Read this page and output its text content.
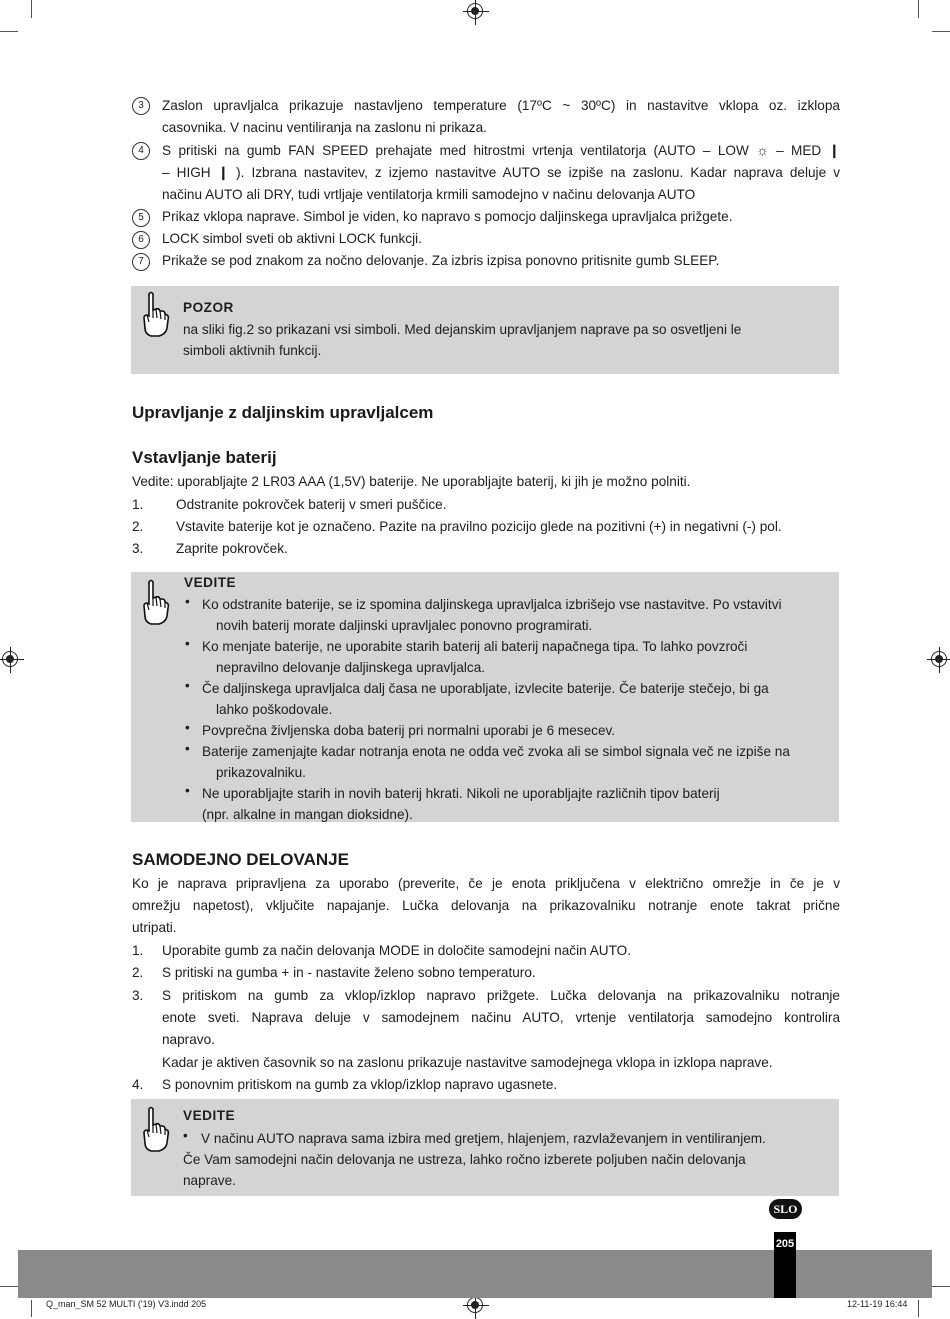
3	Zaslon upravljalca prikazuje nastavljeno temperature (17ºC ~ 30ºC) in nastavitve vklopa oz. izklopa
casovnika. V nacinu ventiliranja na zaslonu ni prikaza.
4	S pritiski na gumb FAN SPEED prehajate med hitrostmi vrtenja ventilatorja (AUTO – LOW ☼ – MED ❙
– HIGH ❙ ). Izbrana nastavitev, z izjemo nastavitve AUTO se izpiše na zaslonu. Kadar naprava deluje v
načinu AUTO ali DRY, tudi vrtljaje ventilatorja krmili samodejno v načinu delovanja AUTO
5	Prikaz vklopa naprave. Simbol je viden, ko napravo s pomocjo daljinskega upravljalca prižgete.
6	LOCK simbol sveti ob aktivni LOCK funkcji.
7	Prikaže se pod znakom za nočno delovanje. Za izbris izpisa ponovno pritisnite gumb SLEEP.
POZOR
na sliki fig.2 so prikazani vsi simboli. Med dejanskim upravljanjem naprave pa so osvetljeni le
simboli aktivnih funkcij.
Upravljanje z daljinskim upravljalcem
Vstavljanje baterij
Vedite: uporabljajte 2 LR03 AAA (1,5V) baterije. Ne uporabljajte baterij, ki jih je možno polniti.
1.	Odstranite pokrovček baterij v smeri puščice.
2.	Vstavite baterije kot je označeno. Pazite na pravilno pozicijo glede na pozitivni (+) in negativni (-) pol.
3.	Zaprite pokrovček.
VEDITE
• Ko odstranite baterije, se iz spomina daljinskega upravljalca izbrišejo vse nastavitve. Po vstavitvi
novih baterij morate daljinski upravljalec ponovno programirati.
• Ko menjate baterije, ne uporabite starih baterij ali baterij napačnega tipa. To lahko povzroči
nepravilno delovanje daljinskega upravljalca.
• Če daljinskega upravljalca dalj časa ne uporabljate, izvlecite baterije. Če baterije stečejo, bi ga
lahko poškodovale.
• Povprečna življenska doba baterij pri normalni uporabi je 6 mesecev.
• Baterije zamenjajte kadar notranja enota ne odda več zvoka ali se simbol signala več ne izpiše na
prikazovalniku.
• Ne uporabljajte starih in novih baterij hkrati. Nikoli ne uporabljajte različnih tipov baterij
(npr. alkalne in mangan dioksidne).
SAMODEJNO DELOVANJE
Ko je naprava pripravljena za uporabo (preverite, če je enota priključena v električno omrežje in če je v
omrežju napetost), vključite napajanje. Lučka delovanja na prikazovalniku notranje enote takrat prične
utripati.
1.	Uporabite gumb za način delovanja MODE in določite samodejni način AUTO.
2.	S pritiski na gumba + in - nastavite želeno sobno temperaturo.
3.	S pritiskom na gumb za vklop/izklop napravo prižgete. Lučka delovanja na prikazovalniku notranje
enote sveti. Naprava deluje v samodejnem načinu AUTO, vrtenje ventilatorja samodejno kontrolira
napravo.
Kadar je aktiven časovnik so na zaslonu prikazuje nastavitve samodejnega vklopa in izklopa naprave.
4.	S ponovnim pritiskom na gumb za vklop/izklop napravo ugasnete.
VEDITE
• V načinu AUTO naprava sama izbira med gretjem, hlajenjem, razvlaževanjem in ventiliranjem.
Če Vam samodejni način delovanja ne ustreza, lahko ročno izberete poljuben način delovanja
naprave.
SLO
205
Q_man_SM 52 MULTI ('19) V3.indd 205	12-11-19 16:44
